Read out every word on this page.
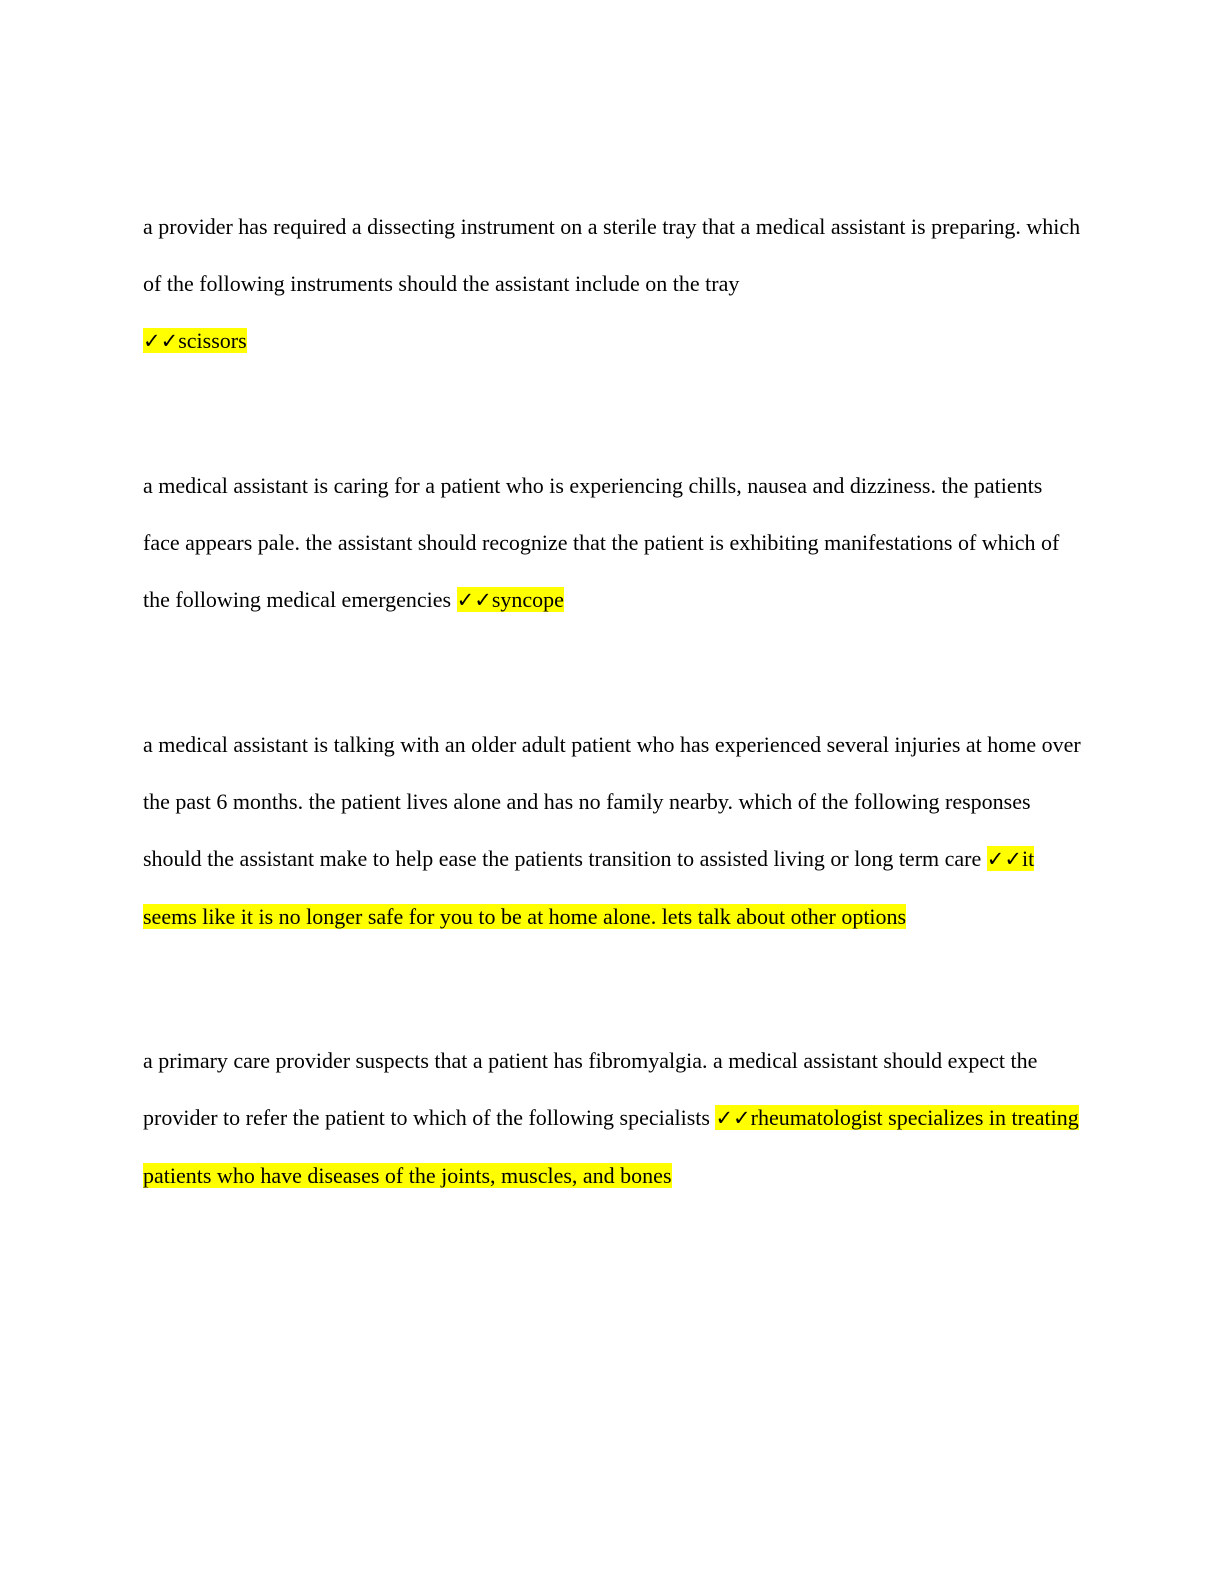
a provider has required a dissecting instrument on a sterile tray that a medical assistant is preparing. which of the following instruments should the assistant include on the tray
✓✓scissors

a medical assistant is caring for a patient who is experiencing chills, nausea and dizziness. the patients face appears pale. the assistant should recognize that the patient is exhibiting manifestations of which of the following medical emergencies ✓✓syncope

a medical assistant is talking with an older adult patient who has experienced several injuries at home over the past 6 months. the patient lives alone and has no family nearby. which of the following responses should the assistant make to help ease the patients transition to assisted living or long term care ✓✓it seems like it is no longer safe for you to be at home alone. lets talk about other options

a primary care provider suspects that a patient has fibromyalgia. a medical assistant should expect the provider to refer the patient to which of the following specialists ✓✓rheumatologist specializes in treating patients who have diseases of the joints, muscles, and bones
